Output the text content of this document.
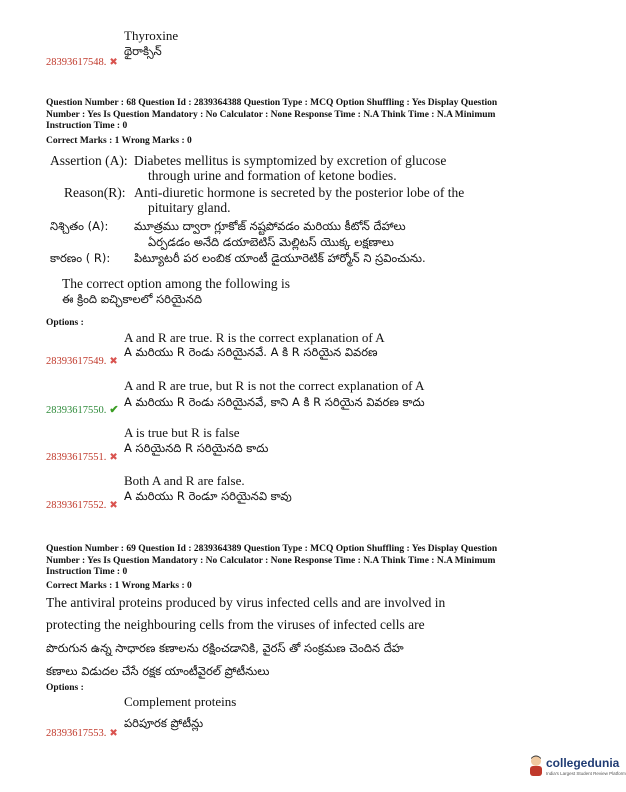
Thyroxine
థైరాక్సిన్
28393617548. ✖
Question Number : 68 Question Id : 2839364388 Question Type : MCQ Option Shuffling : Yes Display Question
Number : Yes Is Question Mandatory : No Calculator : None Response Time : N.A Think Time : N.A Minimum
Instruction Time : 0
Correct Marks : 1 Wrong Marks : 0
Assertion (A): Diabetes mellitus is symptomized by excretion of glucose
through urine and formation of ketone bodies.
Reason(R): Anti-diuretic hormone is secreted by the posterior lobe of the
pituitary gland.
నిశ్చితం (A): మూత్రము ద్వారా గ్లూకోజ్ నష్టపోవడం మరియు కీటోన్ దేహాలు
ఏర్పడడం అనేది డయాబెటిస్ మెల్లిటస్ యొక్క లక్షణాలు
కారణం ( R): పిట్యూటరీ పర లంబిక యాంటీ డైయూరెటిక్ హార్మోన్ ని స్రవించును.
The correct option among the following is
ఈ క్రింది ఐచ్ఛికాలలో సరియైనది
Options :
A and R are true. R is the correct explanation of A
A మరియు R రెండు సరియైనవే. A కి R సరియైన వివరణ
28393617549. ✖
A and R are true, but R is not the correct explanation of A
A మరియు R రెండు సరియైనవే, కాని A కి R సరియైన వివరణ కాదు
28393617550. ✔
A is true but R is false
A సరియైనది R సరియైనది కాదు
28393617551. ✖
Both A and R are false.
A మరియు R రెండూ సరియైనవి కావు
28393617552. ✖
Question Number : 69 Question Id : 2839364389 Question Type : MCQ Option Shuffling : Yes Display Question
Number : Yes Is Question Mandatory : No Calculator : None Response Time : N.A Think Time : N.A Minimum
Instruction Time : 0
Correct Marks : 1 Wrong Marks : 0
The antiviral proteins produced by virus infected cells and are involved in
protecting the neighbouring cells from the viruses of infected cells are
పొరుగున ఉన్న సాధారణ కణాలను రక్షించడానికి, వైరస్ తో సంక్రమణ చెందిన దేహ
కణాలు విడుదల చేసే రక్షక యాంటీవైరల్ ప్రోటీనులు
Options :
Complement proteins
పరిపూరక ప్రోటీన్లు
28393617553. ✖
collegedunia
India's Largest Student Review Platform
